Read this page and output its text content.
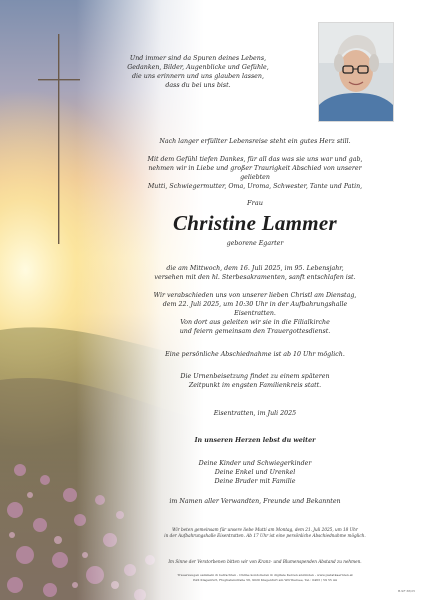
Und immer sind da Spuren deines Lebens,
Gedanken, Bilder, Augenblicke und Gefühle,
die uns erinnern und uns glauben lassen,
dass du bei uns bist.
Nach langer erfüllter Lebensreise steht ein gutes Herz still.
Mit dem Gefühl tiefen Dankes, für all das was sie uns war und gab,
nehmen wir in Liebe und großer Traurigkeit Abschied von unserer geliebten
Mutti, Schwiegermutter, Oma, Uroma, Schwester, Tante und Patin,
Frau
Christine Lammer
geborene Egarter
die am Mittwoch, dem 16. Juli 2025, im 95. Lebensjahr,
versehen mit den hl. Sterbesakramenten, sanft entschlafen ist.
Wir verabschieden uns von unserer lieben Christl am Dienstag,
dem 22. Juli 2025, um 10:30 Uhr in der Aufbahrungshalle Eisentratten.
Von dort aus geleiten wir sie in die Filialkirche
und feiern gemeinsam den Trauergottesdienst.
Eine persönliche Abschiednahme ist ab 10 Uhr möglich.
Die Urnenbeisetzung findet zu einem späteren
Zeitpunkt im engsten Familienkreis statt.
Eisentratten, im Juli 2025
In unseren Herzen lebst du weiter
Deine Kinder und Schwiegerkinder
Deine Enkel und Urenkel
Deine Bruder mit Familie
im Namen aller Verwandten, Freunde und Bekannten
Wir beten gemeinsam für unsere liebe Mutti am Montag, dem 21. Juli 2025, um 18 Uhr
in der Aufbahrungshalle Eisentratten. Ab 17 Uhr ist eine persönliche Abschiednahme möglich.
Im Sinne der Verstorbenen bitten wir von Kranz- und Blumenspenden Abstand zu nehmen.
Trauerzeugen sammeln & betrachten - Online kondolieren & digitale Kerzen anzünden - www.pietatkaernten.at
PAX Klagenfurt, Flughafenstraße 56, 9020 Klagenfurt am Wörthersee, Tel.: 0463 / 59 55 44
B-SF 38/25
